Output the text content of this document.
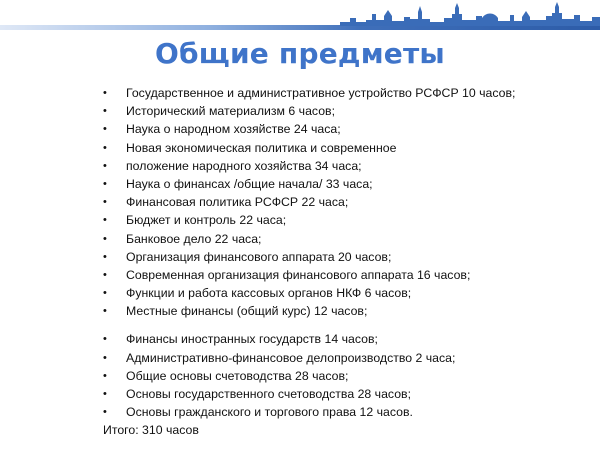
Общие предметы
• Государственное и административное устройство РСФСР 10 часов;
• Исторический материализм 6 часов;
• Наука о народном хозяйстве 24 часа;
• Новая экономическая политика и современное
• положение народного хозяйства 34 часа;
• Наука о финансах /общие начала/ 33 часа;
• Финансовая политика РСФСР 22 часа;
• Бюджет и контроль 22 часа;
• Банковое дело 22 часа;
• Организация финансового аппарата 20 часов;
• Современная организация финансового аппарата 16 часов;
• Функции и работа кассовых органов НКФ 6 часов;
• Местные финансы (общий курс) 12 часов;
• Финансы иностранных государств 14 часов;
• Административно-финансовое делопроизводство 2 часа;
• Общие основы счетоводства 28 часов;
• Основы государственного счетоводства 28 часов;
• Основы гражданского и торгового права 12 часов.
Итого: 310 часов
